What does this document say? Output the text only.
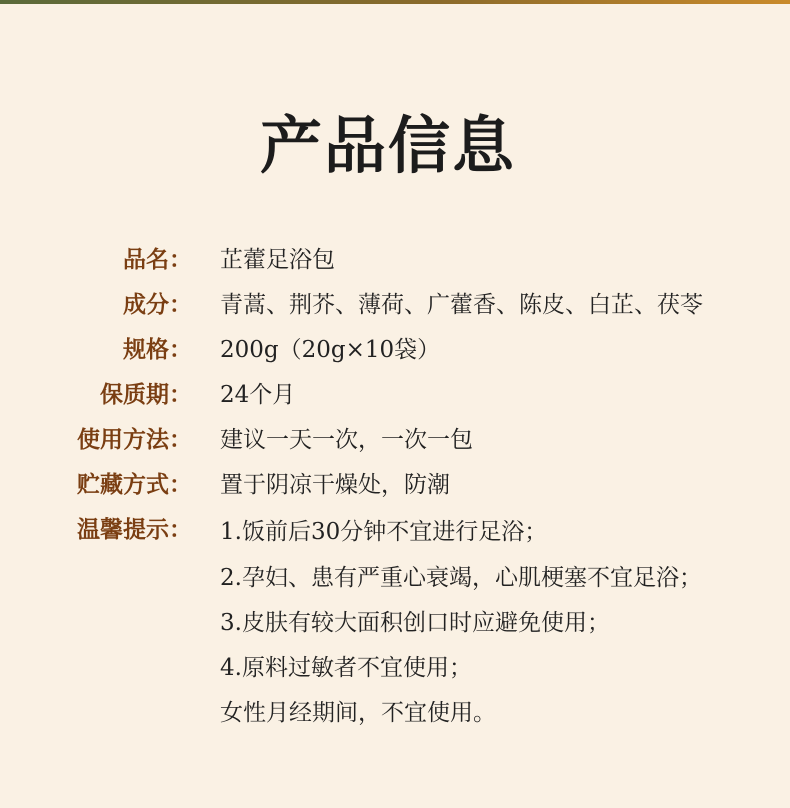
产品信息
品名： 芷藿足浴包
成分： 青蒿、荆芥、薄荷、广藿香、陈皮、白芷、茯苓
规格： 200g（20g×10袋）
保质期： 24个月
使用方法： 建议一天一次，一次一包
贮藏方式： 置于阴凉干燥处，防潮
温馨提示： 1.饭前后30分钟不宜进行足浴；
2.孕妇、患有严重心衰竭，心肌梗塞不宜足浴；
3.皮肤有较大面积创口时应避免使用；
4.原料过敏者不宜使用；
女性月经期间，不宜使用。
